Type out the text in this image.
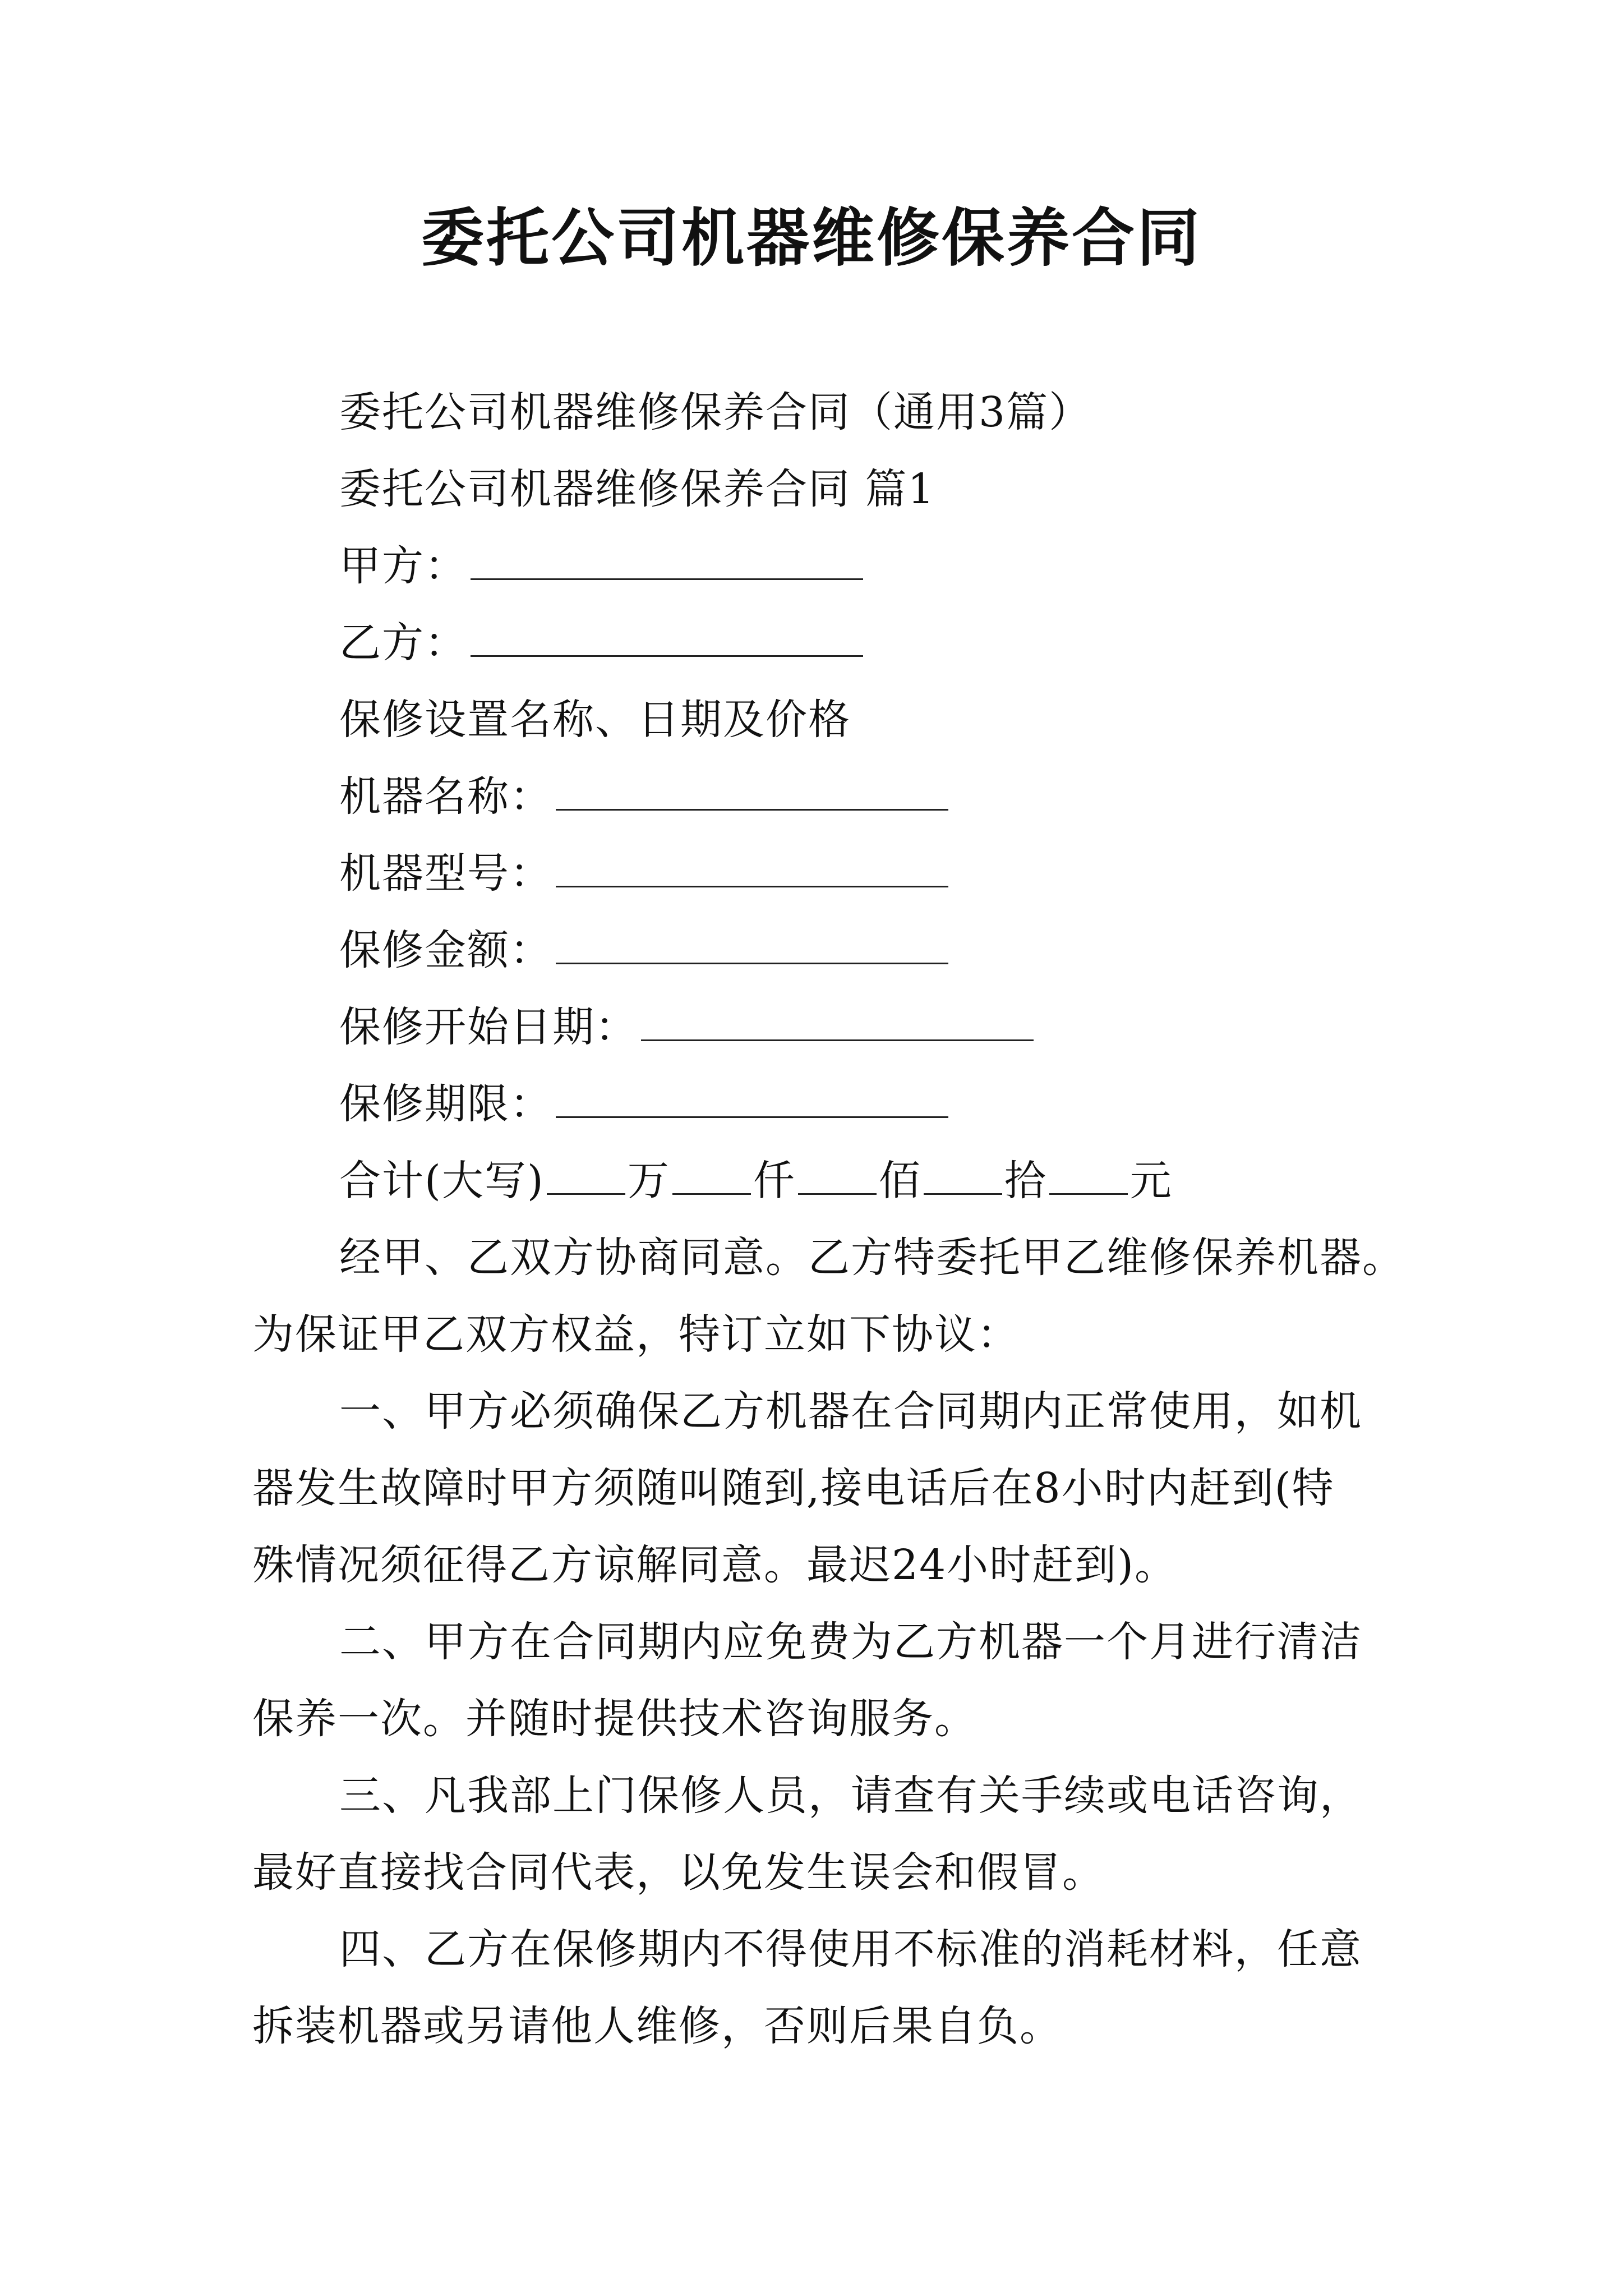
委托公司机器维修保养合同
委托公司机器维修保养合同（通用3篇）
委托公司机器维修保养合同 篇1
甲方：
乙方：
保修设置名称、日期及价格
机器名称：
机器型号：
保修金额：
保修开始日期：
保修期限：
合计(大写) 万 仟 佰 拾 元
经甲、乙双方协商同意。乙方特委托甲乙维修保养机器。
为保证甲乙双方权益，特订立如下协议：
一、甲方必须确保乙方机器在合同期内正常使用，如机
器发生故障时甲方须随叫随到,接电话后在8小时内赶到(特
殊情况须征得乙方谅解同意。最迟24小时赶到)。
二、甲方在合同期内应免费为乙方机器一个月进行清洁
保养一次。并随时提供技术咨询服务。
三、凡我部上门保修人员，请查有关手续或电话咨询，
最好直接找合同代表，以免发生误会和假冒。
四、乙方在保修期内不得使用不标准的消耗材料，任意
拆装机器或另请他人维修，否则后果自负。
